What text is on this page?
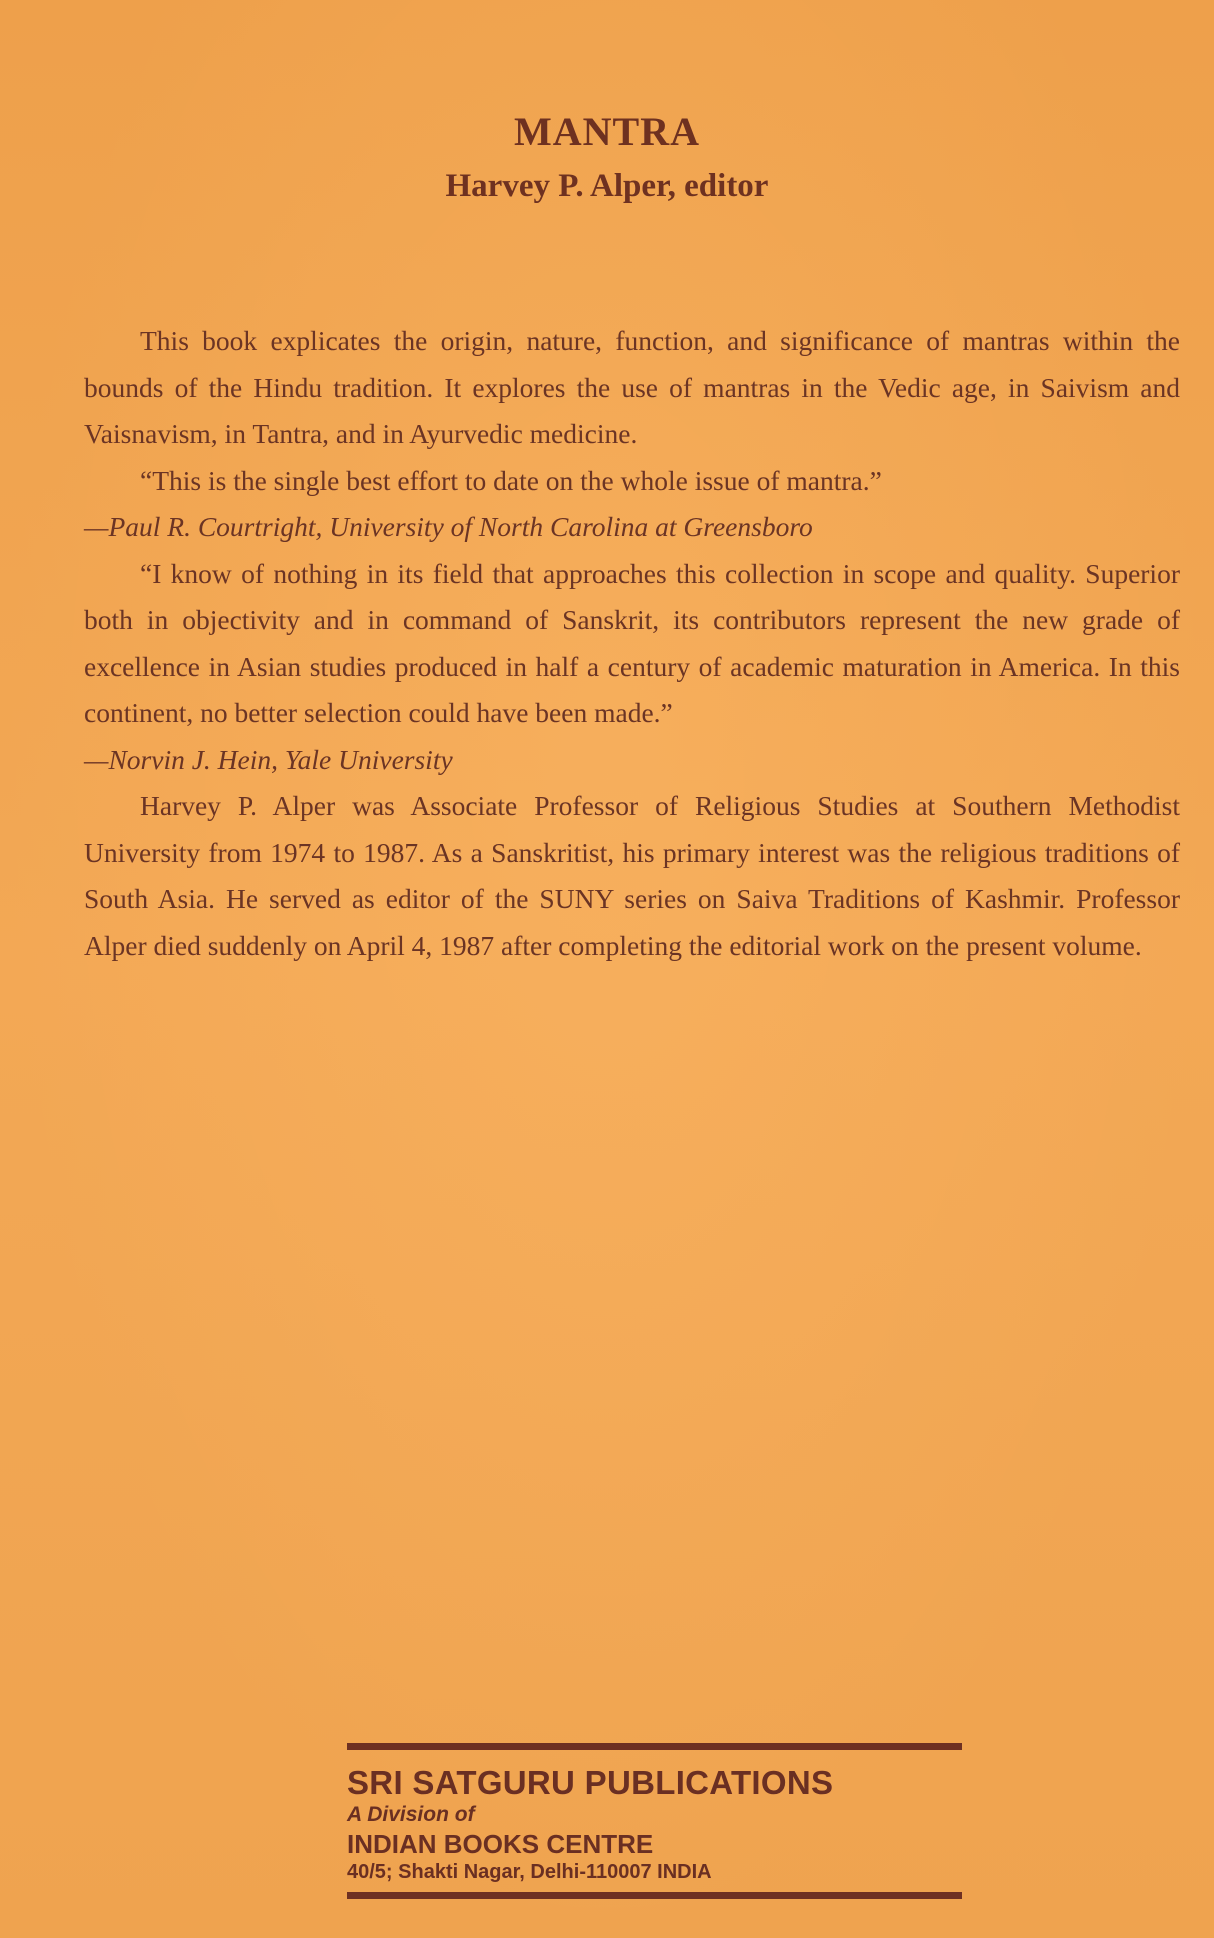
MANTRA
Harvey P. Alper, editor

This book explicates the origin, nature, function, and significance of mantras within the bounds of the Hindu tradition. It explores the use of mantras in the Vedic age, in Saivism and Vaisnavism, in Tantra, and in Ayurvedic medicine.

“This is the single best effort to date on the whole issue of mantra.”

—Paul R. Courtright, University of North Carolina at Greensboro

“I know of nothing in its field that approaches this collection in scope and quality. Superior both in objectivity and in command of Sanskrit, its contributors represent the new grade of excellence in Asian studies produced in half a century of academic maturation in America. In this continent, no better selection could have been made.”

—Norvin J. Hein, Yale University

Harvey P. Alper was Associate Professor of Religious Studies at Southern Methodist University from 1974 to 1987. As a Sanskritist, his primary interest was the religious traditions of South Asia. He served as editor of the SUNY series on Saiva Traditions of Kashmir. Professor Alper died suddenly on April 4, 1987 after completing the editorial work on the present volume.

SRI SATGURU PUBLICATIONS
A Division of
INDIAN BOOKS CENTRE
40/5; Shakti Nagar, Delhi-110007 INDIA
